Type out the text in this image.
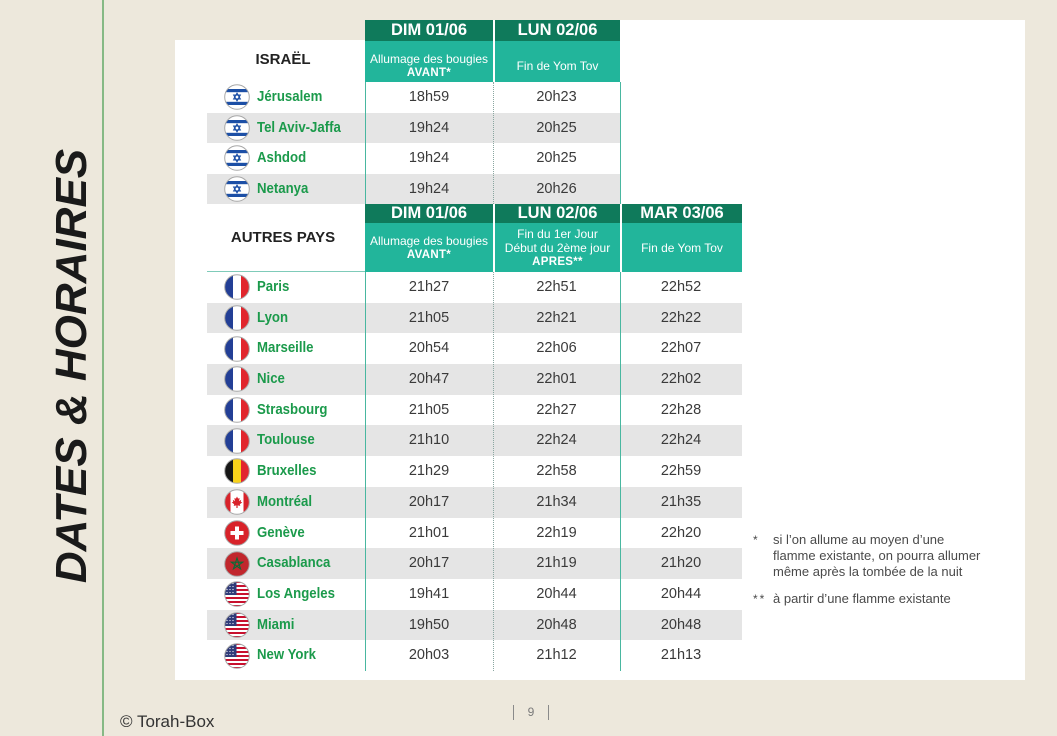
DATES & HORAIRES
ISRAËL
DIM 01/06
Allumage des bougies
AVANT*
LUN 02/06
Fin de Yom Tov
Jérusalem	18h59	20h23
Tel Aviv-Jaffa	19h24	20h25
Ashdod	19h24	20h25
Netanya	19h24	20h26
AUTRES PAYS
DIM 01/06
Allumage des bougies
AVANT*
LUN 02/06
Fin du 1er Jour
Début du 2ème jour
APRES**
MAR 03/06
Fin de Yom Tov
Paris	21h27	22h51	22h52
Lyon	21h05	22h21	22h22
Marseille	20h54	22h06	22h07
Nice	20h47	22h01	22h02
Strasbourg	21h05	22h27	22h28
Toulouse	21h10	22h24	22h24
Bruxelles	21h29	22h58	22h59
Montréal	20h17	21h34	21h35
Genève	21h01	22h19	22h20
Casablanca	20h17	21h19	21h20
Los Angeles	19h41	20h44	20h44
Miami	19h50	20h48	20h48
New York	20h03	21h12	21h13
* si l’on allume au moyen d’une
flamme existante, on pourra allumer
même après la tombée de la nuit
** à partir d’une flamme existante
© Torah-Box	9
